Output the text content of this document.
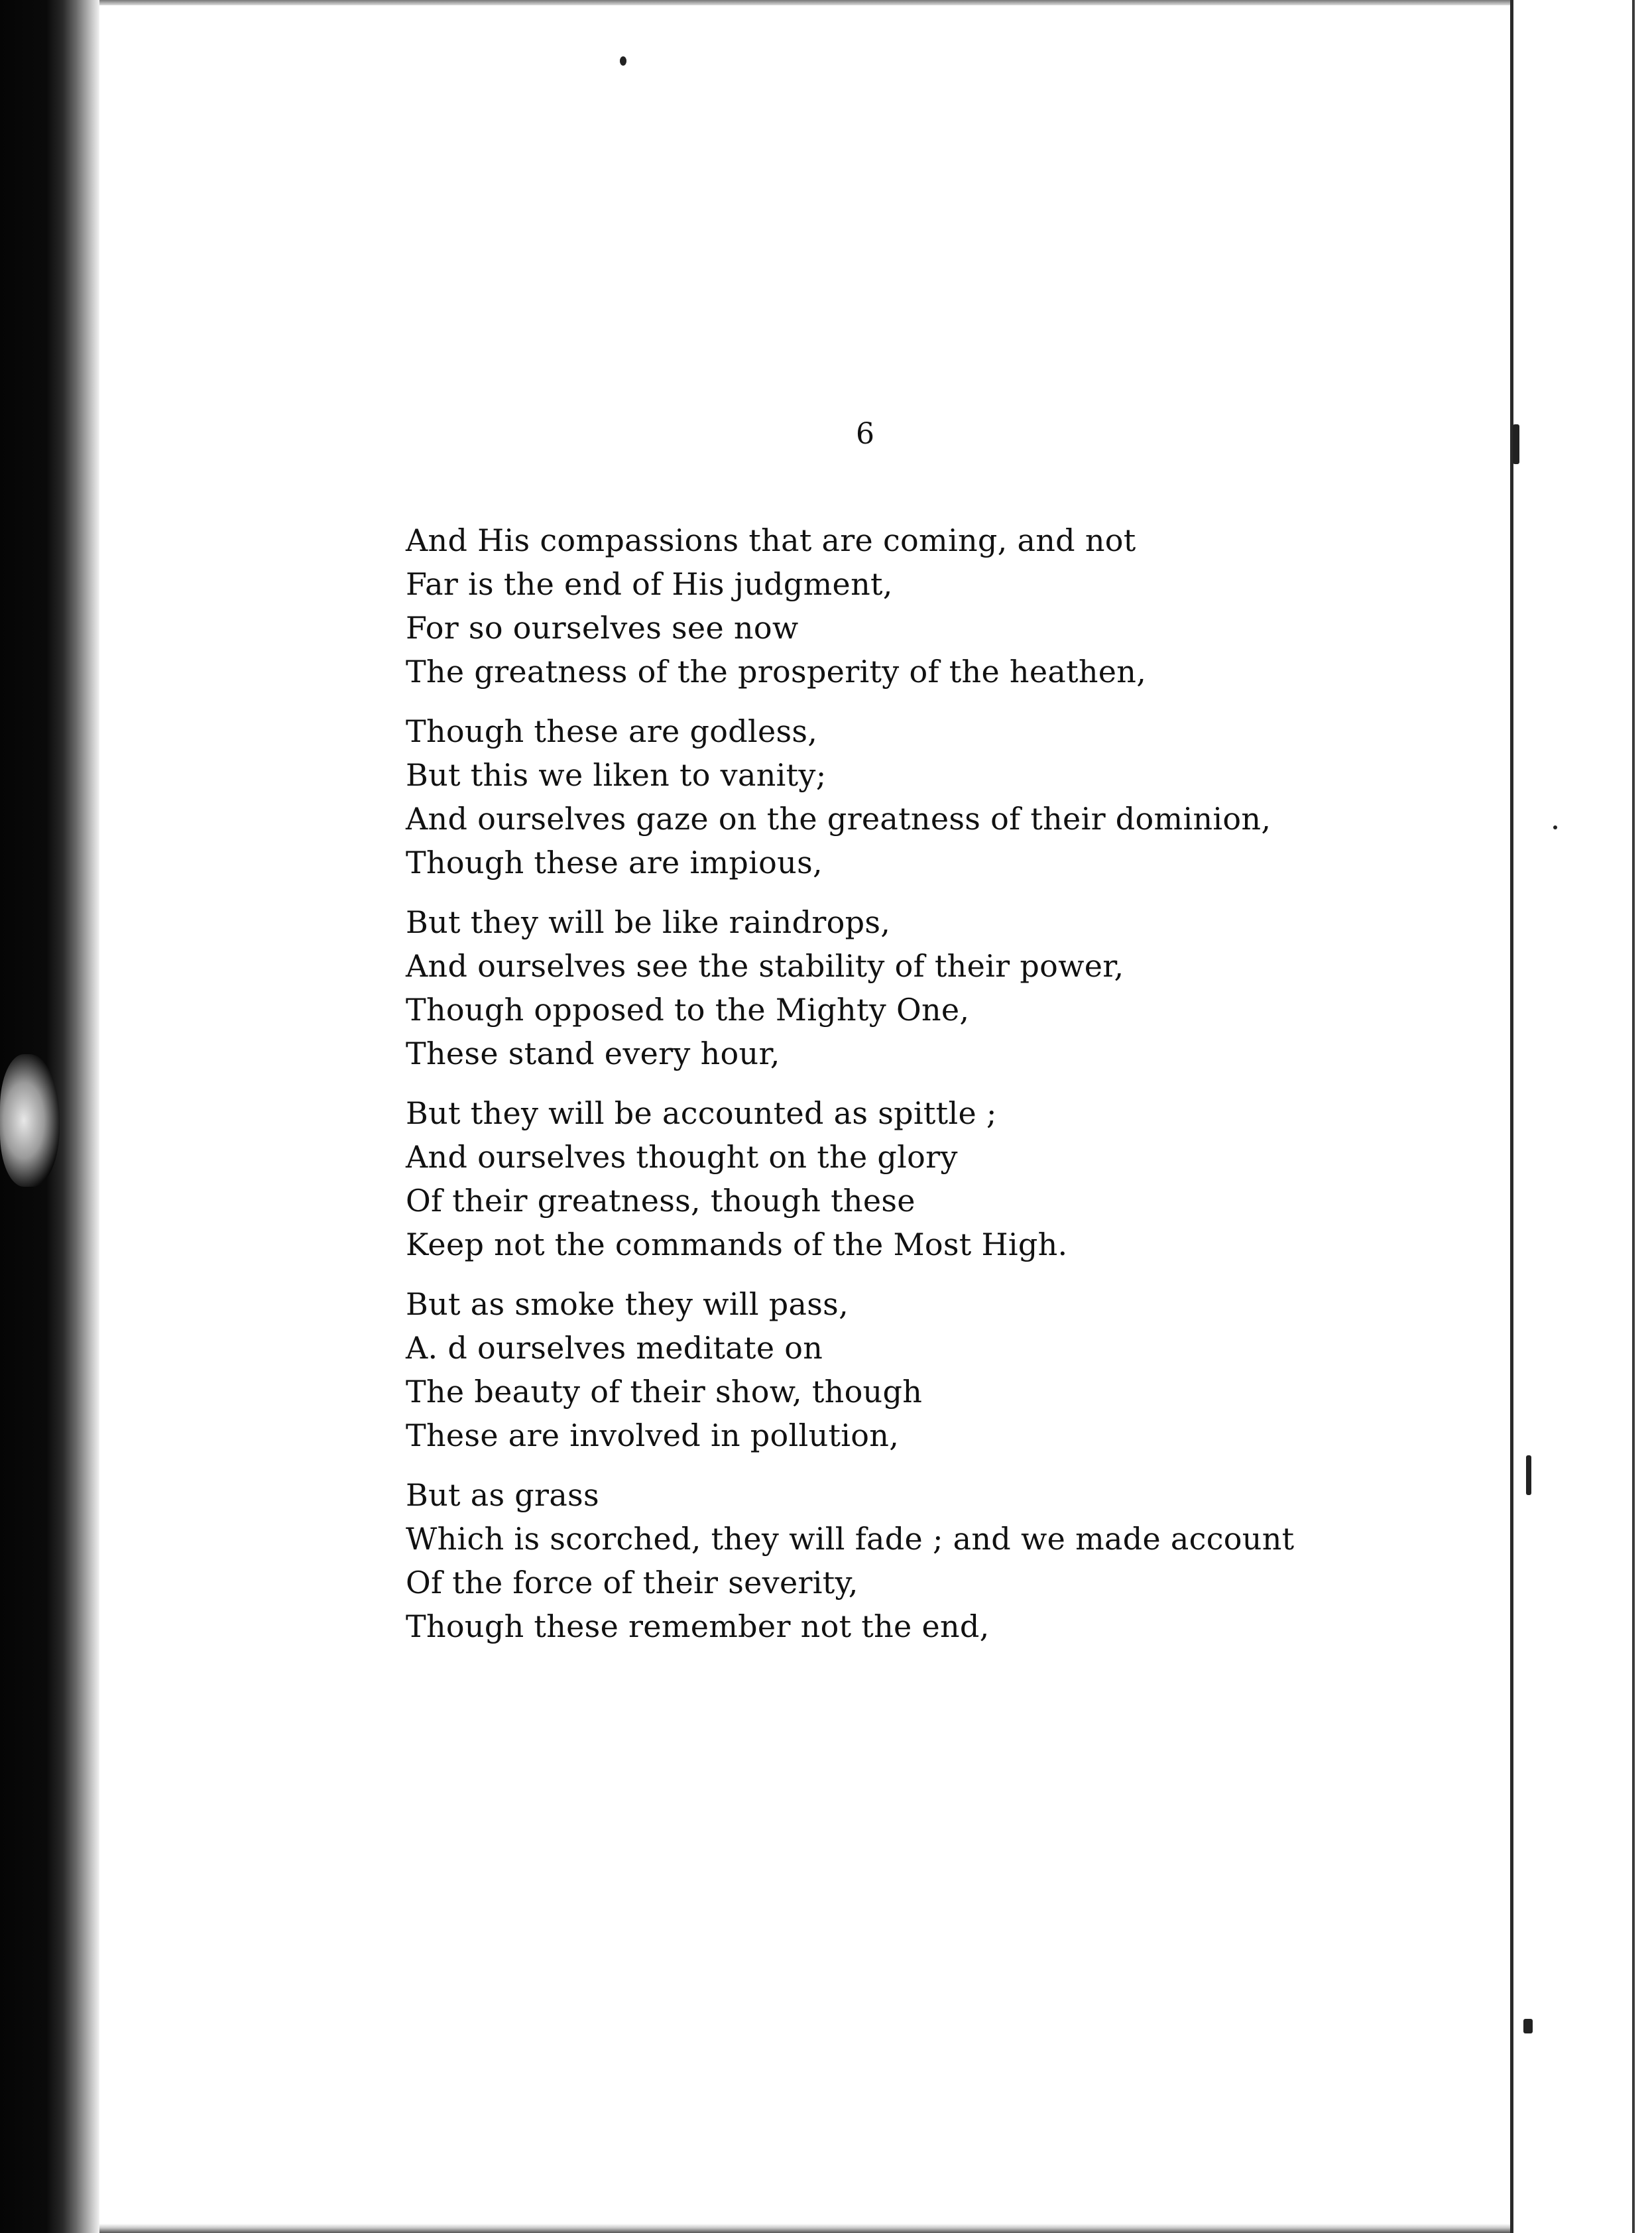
6
And His compassions that are coming, and not
Far is the end of His judgment,
For so ourselves see now
The greatness of the prosperity of the heathen,
Though these are godless,
But this we liken to vanity;
And ourselves gaze on the greatness of their dominion,
Though these are impious,
But they will be like raindrops,
And ourselves see the stability of their power,
Though opposed to the Mighty One,
These stand every hour,
But they will be accounted as spittle ;
And ourselves thought on the glory
Of their greatness, though these
Keep not the commands of the Most High.
But as smoke they will pass,
A. d ourselves meditate on
The beauty of their show, though
These are involved in pollution,
But as grass
Which is scorched, they will fade ; and we made account
Of the force of their severity,
Though these remember not the end,
